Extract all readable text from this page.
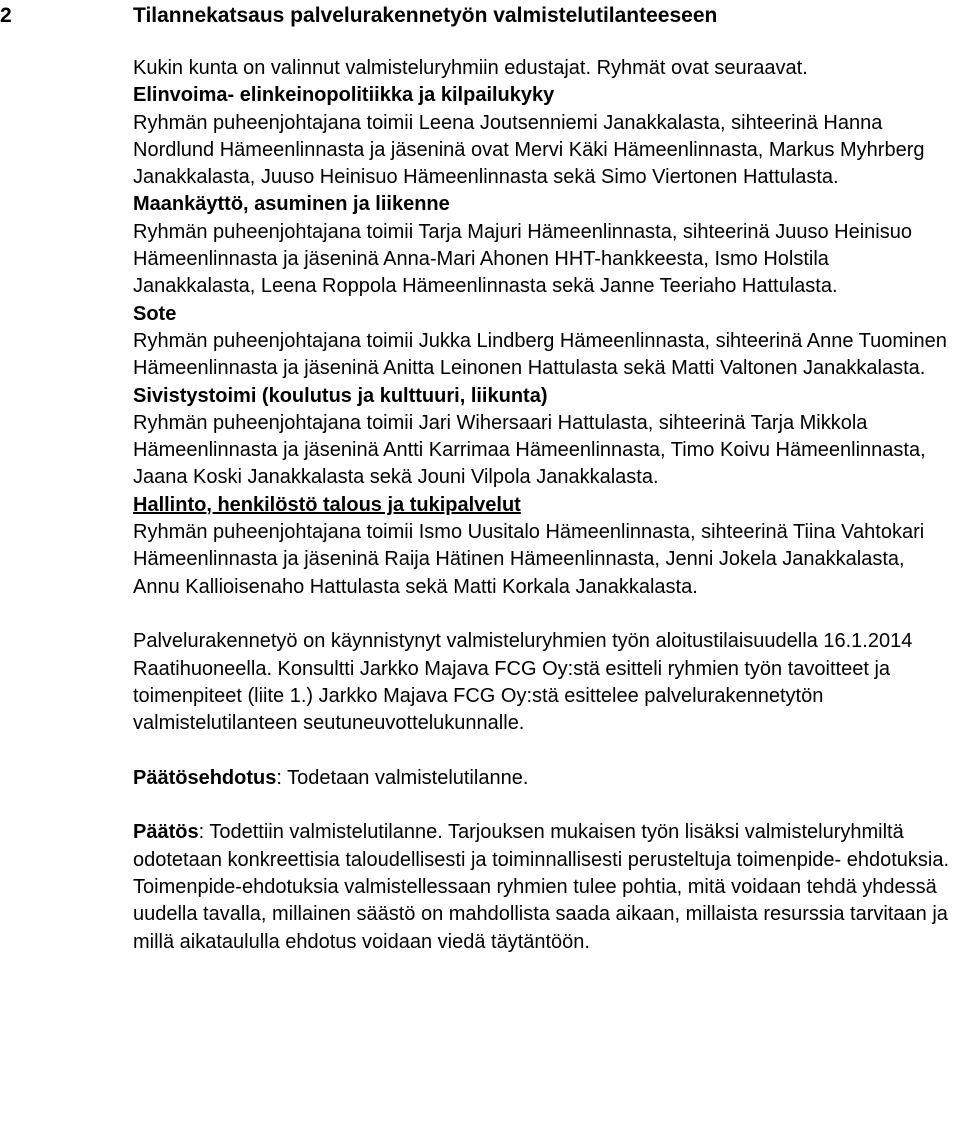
2	Tilannekatsaus palvelurakennetyön valmistelutilanteeseen

Kukin kunta on valinnut valmisteluryhmiin edustajat. Ryhmät ovat seuraavat.

Elinvoima- elinkeinopolitiikka ja kilpailukyky

Ryhmän puheenjohtajana toimii Leena Joutsenniemi Janakkalasta, sihteerinä Hanna Nordlund Hämeenlinnasta ja jäseninä ovat Mervi Käki Hämeenlinnasta, Markus Myhrberg Janakkalasta, Juuso Heinisuo Hämeenlinnasta sekä Simo Viertonen Hattulasta.

Maankäyttö, asuminen ja liikenne

Ryhmän puheenjohtajana toimii Tarja Majuri Hämeenlinnasta, sihteerinä Juuso Heinisuo Hämeenlinnasta ja jäseninä Anna-Mari Ahonen HHT-hankkeesta, Ismo Holstila Janakkalasta, Leena Roppola Hämeenlinnasta sekä Janne Teeriaho Hattulasta.

Sote

Ryhmän puheenjohtajana toimii Jukka Lindberg Hämeenlinnasta, sihteerinä Anne Tuominen Hämeenlinnasta ja jäseninä Anitta Leinonen Hattulasta sekä Matti Valtonen Janakkalasta.

Sivistystoimi (koulutus ja kulttuuri, liikunta)

Ryhmän puheenjohtajana toimii Jari Wihersaari Hattulasta, sihteerinä Tarja Mikkola Hämeenlinnasta ja jäseninä Antti Karrimaa Hämeenlinnasta, Timo Koivu Hämeenlinnasta, Jaana Koski Janakkalasta sekä Jouni Vilpola Janakkalasta.

Hallinto, henkilöstö talous ja tukipalvelut

Ryhmän puheenjohtajana toimii Ismo Uusitalo Hämeenlinnasta, sihteerinä Tiina Vahtokari Hämeenlinnasta ja jäseninä Raija Hätinen Hämeenlinnasta, Jenni Jokela Janakkalasta, Annu Kallioisenaho Hattulasta sekä Matti Korkala Janakkalasta.

Palvelurakennetyö on käynnistynyt valmisteluryhmien työn aloitustilaisuudella 16.1.2014 Raatihuoneella. Konsultti Jarkko Majava FCG Oy:stä esitteli ryhmien työn tavoitteet ja toimenpiteet (liite 1.) Jarkko Majava FCG Oy:stä esittelee palvelurakennetytön valmistelutilanteen seutuneuvottelukunnalle.

Päätösehdotus: Todetaan valmistelutilanne.

Päätös: Todettiin valmistelutilanne. Tarjouksen mukaisen työn lisäksi valmisteluryhmiltä odotetaan konkreettisia taloudellisesti ja toiminnallisesti perusteltuja toimenpide- ehdotuksia. Toimenpide-ehdotuksia valmistellessaan ryhmien tulee pohtia, mitä voidaan tehdä yhdessä uudella tavalla, millainen säästö on mahdollista saada aikaan, millaista resurssia tarvitaan ja millä aikataululla ehdotus voidaan viedä täytäntöön.
